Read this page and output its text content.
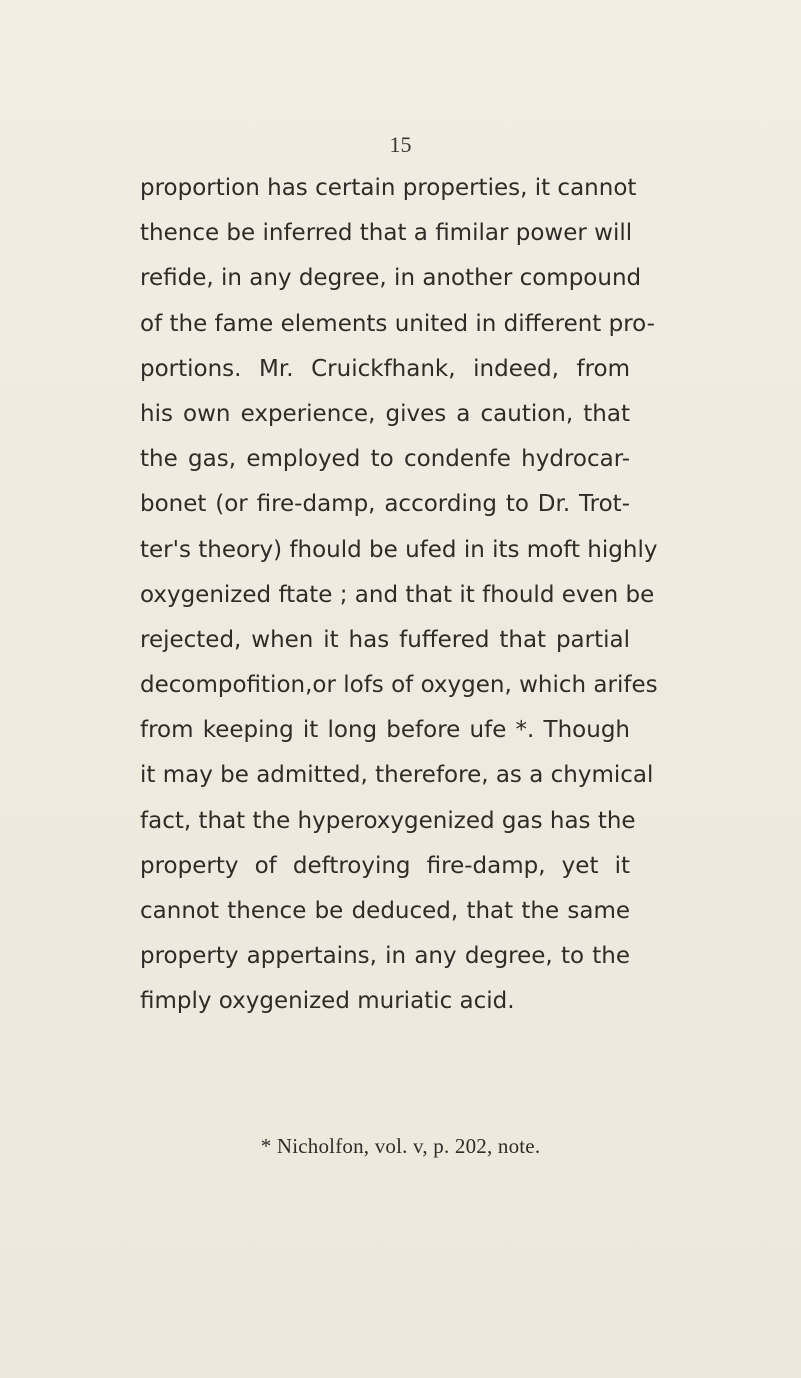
15
proportion has certain properties, it cannot
thence be inferred that a fimilar power will
refide, in any degree, in another compound
of the fame elements united in different pro-
portions. Mr. Cruickfhank, indeed, from
his own experience, gives a caution, that
the gas, employed to condenfe hydrocar-
bonet (or fire-damp, according to Dr. Trot-
ter's theory) fhould be ufed in its moft highly
oxygenized ftate ; and that it fhould even be
rejected, when it has fuffered that partial
decompofition,or lofs of oxygen, which arifes
from keeping it long before ufe *. Though
it may be admitted, therefore, as a chymical
fact, that the hyperoxygenized gas has the
property of deftroying fire-damp, yet it
cannot thence be deduced, that the same
property appertains, in any degree, to the
fimply oxygenized muriatic acid.
* Nicholfon, vol. v, p. 202, note.
